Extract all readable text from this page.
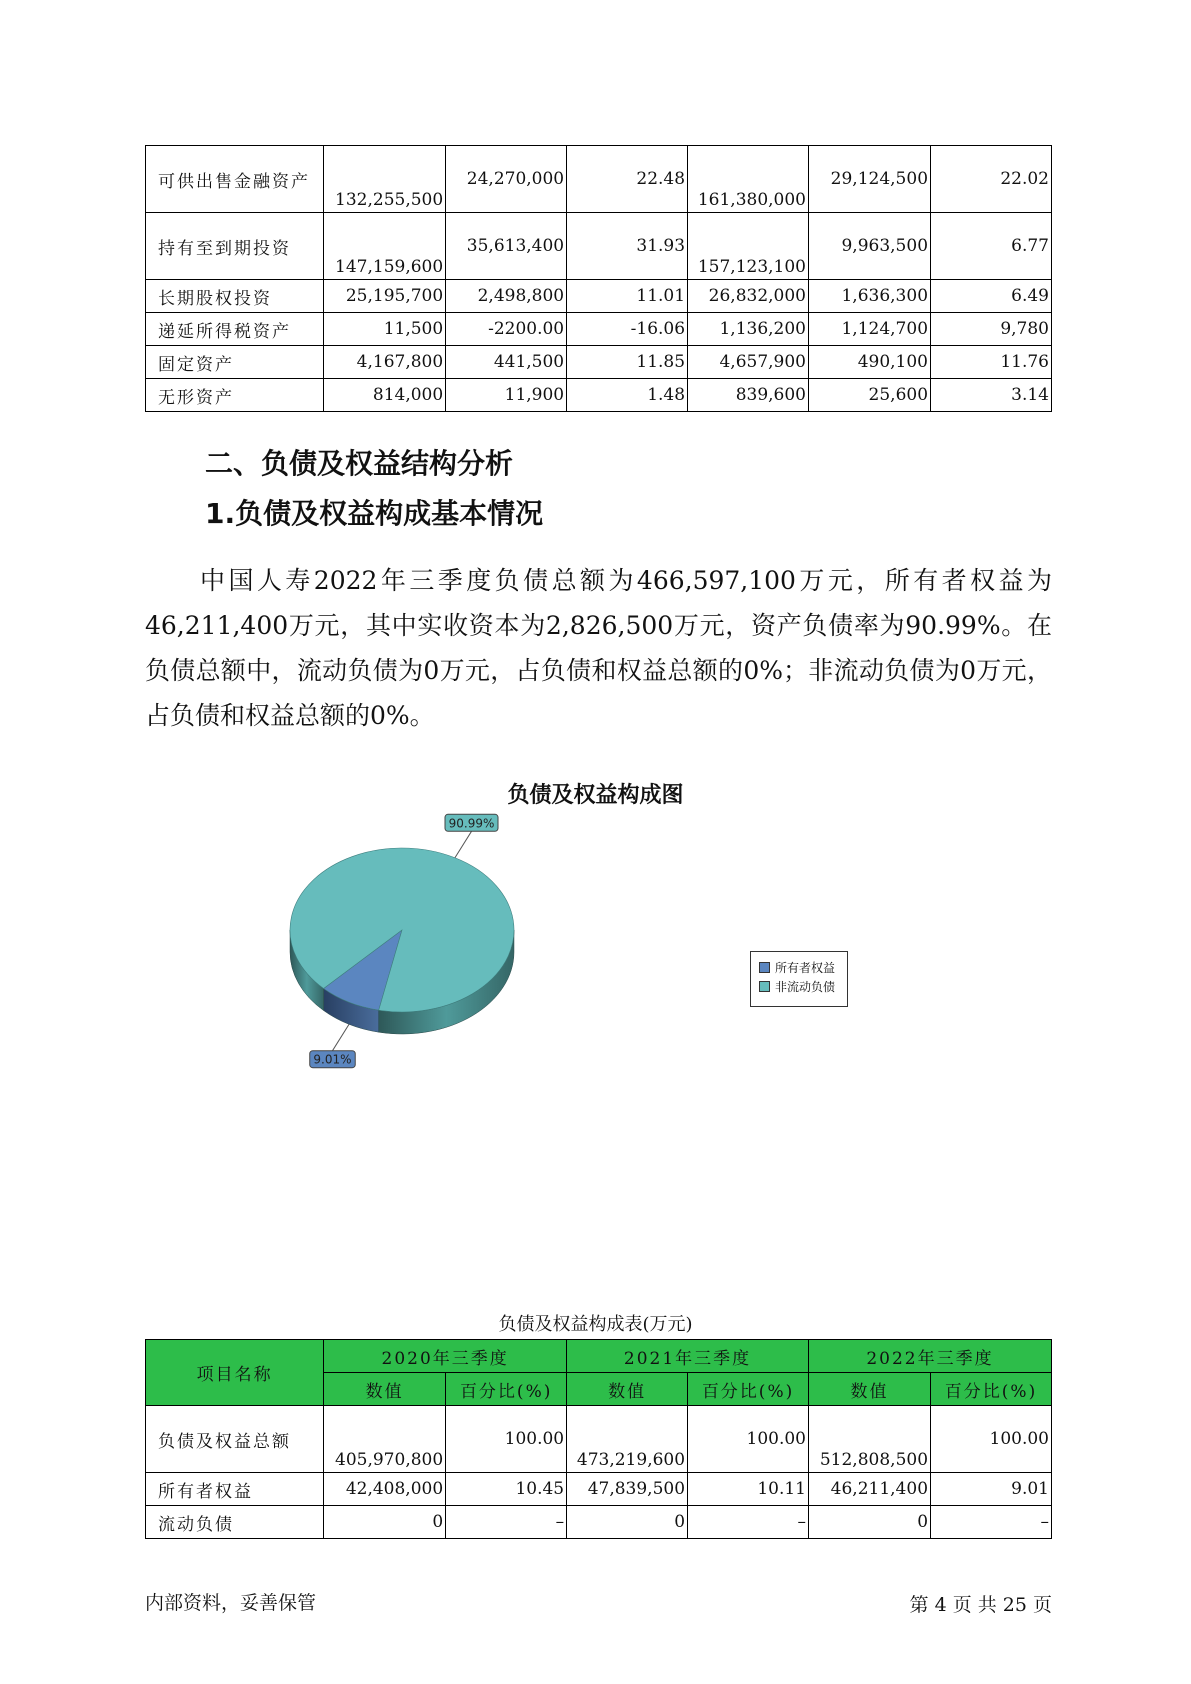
可供出售金融资产	132,255,500	24,270,000	22.48	161,380,000	29,124,500	22.02
持有至到期投资	147,159,600	35,613,400	31.93	157,123,100	9,963,500	6.77
长期股权投资	25,195,700	2,498,800	11.01	26,832,000	1,636,300	6.49
递延所得税资产	11,500	-2200.00	-16.06	1,136,200	1,124,700	9,780
固定资产	4,167,800	441,500	11.85	4,657,900	490,100	11.76
无形资产	814,000	11,900	1.48	839,600	25,600	3.14
二、负债及权益结构分析
1.负债及权益构成基本情况

中国人寿2022年三季度负债总额为466,597,100万元，所有者权益为46,211,400万元，其中实收资本为2,826,500万元，资产负债率为90.99%。在负债总额中，流动负债为0万元，占负债和权益总额的0%；非流动负债为0万元，占负债和权益总额的0%。

负债及权益构成图
9.01%
90.99%
所有者权益
非流动负债
负债及权益构成表(万元)
项目名称	2020年三季度		2021年三季度		2022年三季度	
	数值	百分比(%)	数值	百分比(%)	数值	百分比(%)
负债及权益总额	405,970,800	100.00	473,219,600	100.00	512,808,500	100.00
所有者权益	42,408,000	10.45	47,839,500	10.11	46,211,400	9.01
流动负债	0	–	0	–	0	–
内部资料，妥善保管	第 4 页 共 25 页
